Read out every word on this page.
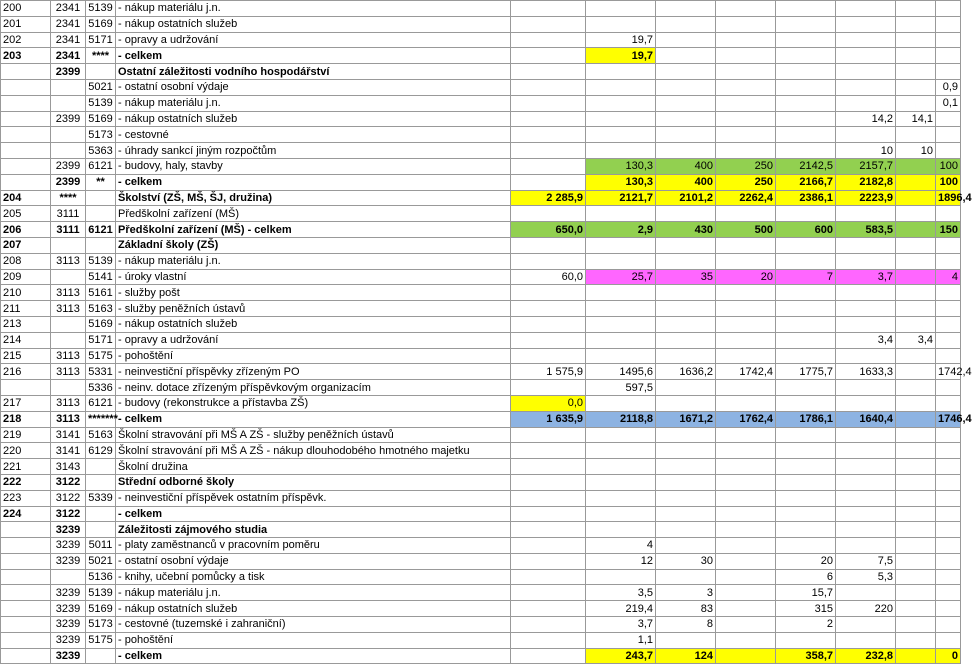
200	2341	5139	- nákup materiálu j.n.								
201	2341	5169	- nákup ostatních služeb								
202	2341	5171	- opravy a udržování		19,7						
203	2341	****	- celkem		19,7						
	2399		Ostatní záležitosti vodního hospodářství								
		5021	- ostatní osobní výdaje								0,9
		5139	- nákup materiálu j.n.								0,1
	2399	5169	- nákup ostatních služeb						14,2	14,1	
		5173	- cestovné								
		5363	- úhrady sankcí jiným rozpočtům						10	10	
	2399	6121	- budovy, haly, stavby		130,3	400	250	2142,5	2157,7		100
	2399	**	- celkem		130,3	400	250	2166,7	2182,8		100
204	****		Školství (ZŠ, MŠ, ŠJ, družina)	2 285,9	2121,7	2101,2	2262,4	2386,1	2223,9		1896,4
205	3111		Předškolní zařízení (MŠ)								
206	3111	6121	Předškolní zařízení (MŠ) - celkem	650,0	2,9	430	500	600	583,5		150
207			Základní školy (ZŠ)								
208	3113	5139	- nákup materiálu j.n.								
209		5141	- úroky vlastní	60,0	25,7	35	20	7	3,7		4
210	3113	5161	- služby pošt								
211	3113	5163	- služby peněžních ústavů								
213		5169	- nákup ostatních služeb								
214		5171	- opravy a udržování						3,4	3,4	
215	3113	5175	- pohoštění								
216	3113	5331	- neinvestiční příspěvky zřízeným PO	1 575,9	1495,6	1636,2	1742,4	1775,7	1633,3		1742,4
		5336	- neinv. dotace zřízeným příspěvkovým organizacím		597,5						
217	3113	6121	- budovy (rekonstrukce a přístavba ZŠ)	0,0							
218	3113	*******	- celkem	1 635,9	2118,8	1671,2	1762,4	1786,1	1640,4		1746,4
219	3141	5163	Školní stravování při MŠ A ZŠ - služby peněžních ústavů								
220	3141	6129	Školní stravování při MŠ A ZŠ - nákup dlouhodobého hmotného majetku								
221	3143		Školní družina								
222	3122		Střední odborné školy								
223	3122	5339	- neinvestiční příspěvek ostatním příspěvk.								
224	3122		- celkem								
	3239		Záležitosti zájmového studia								
	3239	5011	- platy zaměstnanců v pracovním poměru		4						
	3239	5021	- ostatní osobní výdaje		12	30		20	7,5		
		5136	- knihy, učební pomůcky a tisk					6	5,3		
	3239	5139	- nákup materiálu j.n.		3,5	3		15,7			
	3239	5169	- nákup ostatních služeb		219,4	83		315	220		
	3239	5173	- cestovné (tuzemské i zahraniční)		3,7	8		2			
	3239	5175	- pohoštění		1,1						
	3239		- celkem		243,7	124		358,7	232,8		0
